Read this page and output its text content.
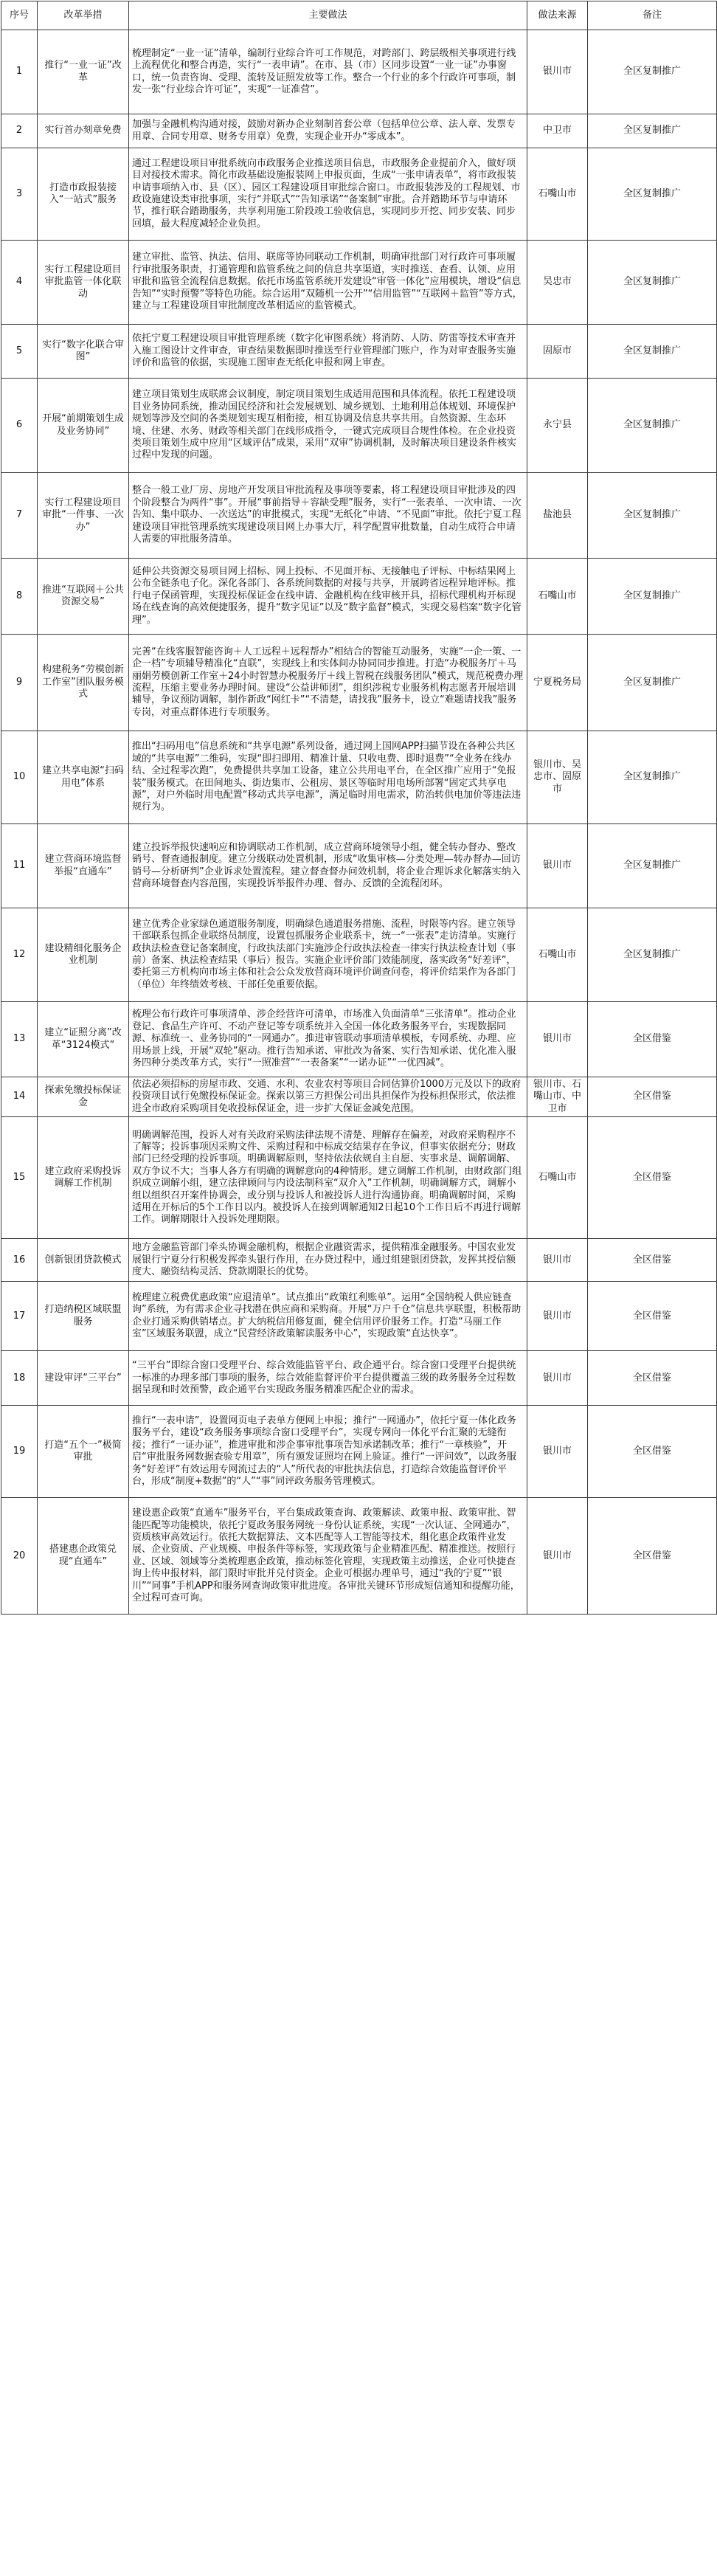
序号	改革举措	主要做法	做法来源	备注
1	推行“一业一证”改革	梳理制定“一业一证”清单，编制行业综合许可工作规范，对跨部门、跨层级相关事项进行线上流程优化和整合再造，实行“一表申请”。在市、县（市）区同步设置“一业一证”办事窗口，统一负责咨询、受理、流转及证照发放等工作。整合一个行业的多个行政许可事项，制发一张“行业综合许可证”，实现“一证准营”。	银川市	全区复制推广
2	实行首办刻章免费	加强与金融机构沟通对接，鼓励对新办企业刻制首套公章（包括单位公章、法人章、发票专用章、合同专用章、财务专用章）免费，实现企业开办“零成本”。	中卫市	全区复制推广
3	打造市政报装接入“一站式”服务	通过工程建设项目审批系统向市政服务企业推送项目信息，市政服务企业提前介入，做好项目对接技术需求。简化市政基础设施报装网上申报页面，生成“一张申请表单”，将市政报装申请事项纳入市、县（区）、园区工程建设项目审批综合窗口。市政报装涉及的工程规划、市政设施建设类审批事项，实行“并联式”“告知承诺”“备案制”审批。合并踏勘环节与申请环节，推行联合踏勘服务，共享利用施工阶段竣工验收信息，实现同步开挖、同步安装、同步回填，最大程度减轻企业负担。	石嘴山市	全区复制推广
4	实行工程建设项目审批监管一体化联动	建立审批、监管、执法、信用、联席等协同联动工作机制，明确审批部门对行政许可事项履行审批服务职责，打通管理和监管系统之间的信息共享渠道，实时推送、查看、认领、应用审批和监管全流程信息数据。依托市场监管系统开发建设“审管一体化”应用模块，增设“信息告知”“实时预警”等特色功能。综合运用“双随机一公开”“信用监管”“互联网＋监管”等方式，建立与工程建设项目审批制度改革相适应的监管模式。	吴忠市	全区复制推广
5	实行“数字化联合审图”	依托宁夏工程建设项目审批管理系统（数字化审图系统）将消防、人防、防雷等技术审查并入施工图设计文件审查，审查结果数据即时推送至行业管理部门账户，作为对审查服务实施评价和监管的依据，实现施工图审查无纸化申报和网上审查。	固原市	全区复制推广
6	开展“前期策划生成及业务协同”	建立项目策划生成联席会议制度，制定项目策划生成适用范围和具体流程。依托工程建设项目业务协同系统，推动国民经济和社会发展规划、城乡规划、土地利用总体规划、环境保护规划等涉及空间的各类规划实现互相衔接，相互协调及信息共享共用。自然资源、生态环境、住建、水务、财政等相关部门在线形成指令，一键式完成项目合规性体检。在企业投资类项目策划生成中应用“区域评估”成果，采用“双审”协调机制，及时解决项目建设条件核实过程中发现的问题。	永宁县	全区复制推广
7	实行工程建设项目审批“一件事、一次办”	整合一般工业厂房、房地产开发项目审批流程及事项等要素，将工程建设项目审批涉及的四个阶段整合为两件“事”。开展“事前指导＋容缺受理”服务，实行“一张表单、一次申请、一次告知、集中联办、一次送达”的审批模式，实现“无纸化”申请、“不见面”审批。依托宁夏工程建设项目审批管理系统实现建设项目网上办事大厅，科学配置审批数量，自动生成符合申请人需要的审批服务清单。	盐池县	全区复制推广
8	推进“互联网＋公共资源交易”	延伸公共资源交易项目网上招标、网上投标、不见面开标、无接触电子评标、中标结果网上公布全链条电子化。深化各部门、各系统间数据的对接与共享，开展跨省远程异地评标。推行电子保函管理，实现投标保证金在线申请、金融机构在线审核开具，招标代理机构开标现场在线查询的高效便捷服务，提升“数字见证”以及“数字监督”模式，实现交易档案“数字化管理”。	石嘴山市	全区复制推广
9	构建税务“劳模创新工作室”团队服务模式	完善“在线客服智能咨询＋人工远程＋远程帮办”相结合的智能互动服务，实施“一企一策、一企一档”专项辅导精准化“直联”，实现线上和实体间办协同同步推进。打造“办税服务厅＋马丽娟劳模创新工作室＋24小时智慧办税服务厅＋线上智税在线服务团队”模式，规范税费办理流程，压缩主要业务办理时间。建设“公益讲师团”，组织涉税专业服务机构志愿者开展培训辅导，争议预防调解，制作新政“网红卡”“不清楚，请找我”服务卡，设立“难题请找我”服务专岗，对重点群体进行专项服务。	宁夏税务局	全区复制推广
10	建立共享电源“扫码用电”体系	推出“扫码用电”信息系统和“共享电源”系列设备，通过网上国网APP扫描节设在各种公共区域的“共享电源”二维码，实现“即扫即用、精准计量、只收电费、即时退费”“全业务在线办结、全过程零次跑”，免费提供共享加工设备，建立公共用电平台，在全区推广应用于“免报装”服务模式。在田间地头、街边集市、公租房、景区等临时用电场所部署“固定式共享电源”，对户外临时用电配置“移动式共享电源”，满足临时用电需求，防治转供电加价等违法违规行为。	银川市、吴忠市、固原市	全区复制推广
11	建立营商环境监督举报“直通车”	建立投诉举报快速响应和协调联动工作机制，成立营商环境领导小组，健全转办督办、整改销号、督查通报制度。建立分级联动处置机制，形成“收集审核—分类处理—转办督办—回访销号—分析研判”企业诉求处置流程。建立督查督办问效机制，将企业合理诉求化解落实纳入营商环境督查内容范围，实现投诉举报件办理、督办、反馈的全流程闭环。	银川市	全区复制推广
12	建设精细化服务企业机制	建立优秀企业家绿色通道服务制度，明确绿色通道服务措施、流程，时限等内容。建立领导干部联系包抓企业联络员制度，设置包抓服务企业联系卡，统一“一张表”走访清单。实施行政执法检查登记备案制度，行政执法部门实施涉企行政执法检查一律实行执法检查计划（事前）备案、执法检查结果（事后）报告。实施企业评价部门效能制度，落实政务“好差评”，委托第三方机构向市场主体和社会公众发放营商环境评价调查问卷，将评价结果作为各部门（单位）年终绩效考核、干部任免重要依据。	石嘴山市	全区复制推广
13	建立“证照分离”改革“3124模式”	梳理公布行政许可事项清单、涉企经营许可清单，市场准入负面清单“三张清单”。推动企业登记、食品生产许可、不动产登记等专项系统并入全国一体化政务服务平台，实现数据同源、标准统一、业务协同的“一网通办”。推进审管联动事项清单模板，专网系统、办理、应用场景上线，开展“双轮”驱动。推行告知承诺、审批改为备案、实行告知承诺、优化准入服务四种分类改革方式，实行“一照准营”“一表备案”“一诺办证”“一优四减”。	银川市	全区借鉴
14	探索免缴投标保证金	依法必须招标的房屋市政、交通、水利、农业农村等项目合同估算价1000万元及以下的政府投资项目试行免缴投标保证金。探索以第三方担保公司出具担保作为投标担保形式，依法推进全市政府采购项目免收投标保证金，进一步扩大保证金减免范围。	银川市、石嘴山市、中卫市	全区借鉴
15	建立政府采购投诉调解工作机制	明确调解范围，投诉人对有关政府采购法律法规不清楚、理解存在偏差，对政府采购程序不了解等；投诉事项因采购文件、采购过程和中标成交结果存在争议，但事实依据充分；财政部门已经受理的投诉事项。明确调解原则，坚持依法依规自主自愿、实事求是、调解调解、双方争议不大；当事人各方有明确的调解意向的4种情形。建立调解工作机制，由财政部门组织成立调解小组，建立法律顾问与内设法制科室“双介入”工作机制，明确调解方式，调解小组以组织召开案件协调会，或分别与投诉人和被投诉人进行沟通协商。明确调解时间，采购适用在开标后的5个工作日以内。被投诉人在接到调解通知2日起10个工作日后不再进行调解工作。调解期限计入投诉处理期限。	石嘴山市	全区借鉴
16	创新银团贷款模式	地方金融监管部门牵头协调金融机构，根据企业融资需求，提供精准金融服务。中国农业发展银行宁夏分行积极发挥牵头银行作用，在办贷过程中，通过组建银团贷款，发挥其授信额度大、融资结构灵活、贷款期限长的优势。	银川市	全区借鉴
17	打造纳税区域联盟服务	梳理建立税费优惠政策“应退清单”。试点推出“政策红利账单”。运用“全国纳税人供应链查询”系统，为有需求企业寻找潜在供应商和采购商。开展“万户千仓”信息共享联盟，积极帮助企业打通采购供销堵点。扩大纳税信用修复面，健全信用评价服务工作。打造“马丽工作室”区域服务联盟，成立“民营经济政策解读服务中心”，实现政策“直达快享”。	银川市	全区借鉴
18	建设审评“三平台”	“三平台”即综合窗口受理平台、综合效能监管平台、政企通平台。综合窗口受理平台提供统一标准的办理多部门事项的服务，综合效能监督评价平台提供覆盖三级的政务服务全过程数据呈现和时效预警，政企通平台实现政务服务精准匹配企业的需求。	银川市	全区借鉴
19	打造“五个一”极简审批	推行“一表申请”，设置网页电子表单方便网上申报；推行“一网通办”，依托宁夏一体化政务服务平台，建设“政务服务事项综合窗口受理平台”，实现专网向一体化平台汇聚的无缝衔接；推行“一证办证”，推进审批和涉企事审批事项告知承诺制改革；推行“一章核验”，开启“审批服务网数据查验专用章”，所有颁发证照均在网上验证。推行“一评问效”，以政务服务“好差评”有效运用专网流过去的“人”所代表的审批执法信息，打造综合效能监督评价平台，形成“制度+数据”的“人”“事”同评政务服务管理模式。	银川市	全区借鉴
20	搭建惠企政策兑现“直通车”	建设惠企政策“直通车”服务平台，平台集成政策查询、政策解读、政策申报、政策审批、智能匹配等功能模块，依托宁夏政务服务网统一身份认证系统，实现“一次认证、全网通办”，资质核审高效运行。依托大数据算法、文本匹配等人工智能等技术，组化惠企政策件业发展、企业资质、产业规模、申报条件等标签，实现政策与企业精准匹配、精准推送。按照行业、区域、领域等分类梳理惠企政策，推动标签化管理，实现政策主动推送，企业可快捷查询上传申报材料，部门限时审批并兑付资金。企业可根据办理单号，通过“我的宁夏”“银川”“同事”手机APP和服务网查询政策审批进度。各审批关键环节形成短信通知和提醒功能，全过程可查可询。	银川市	全区借鉴
